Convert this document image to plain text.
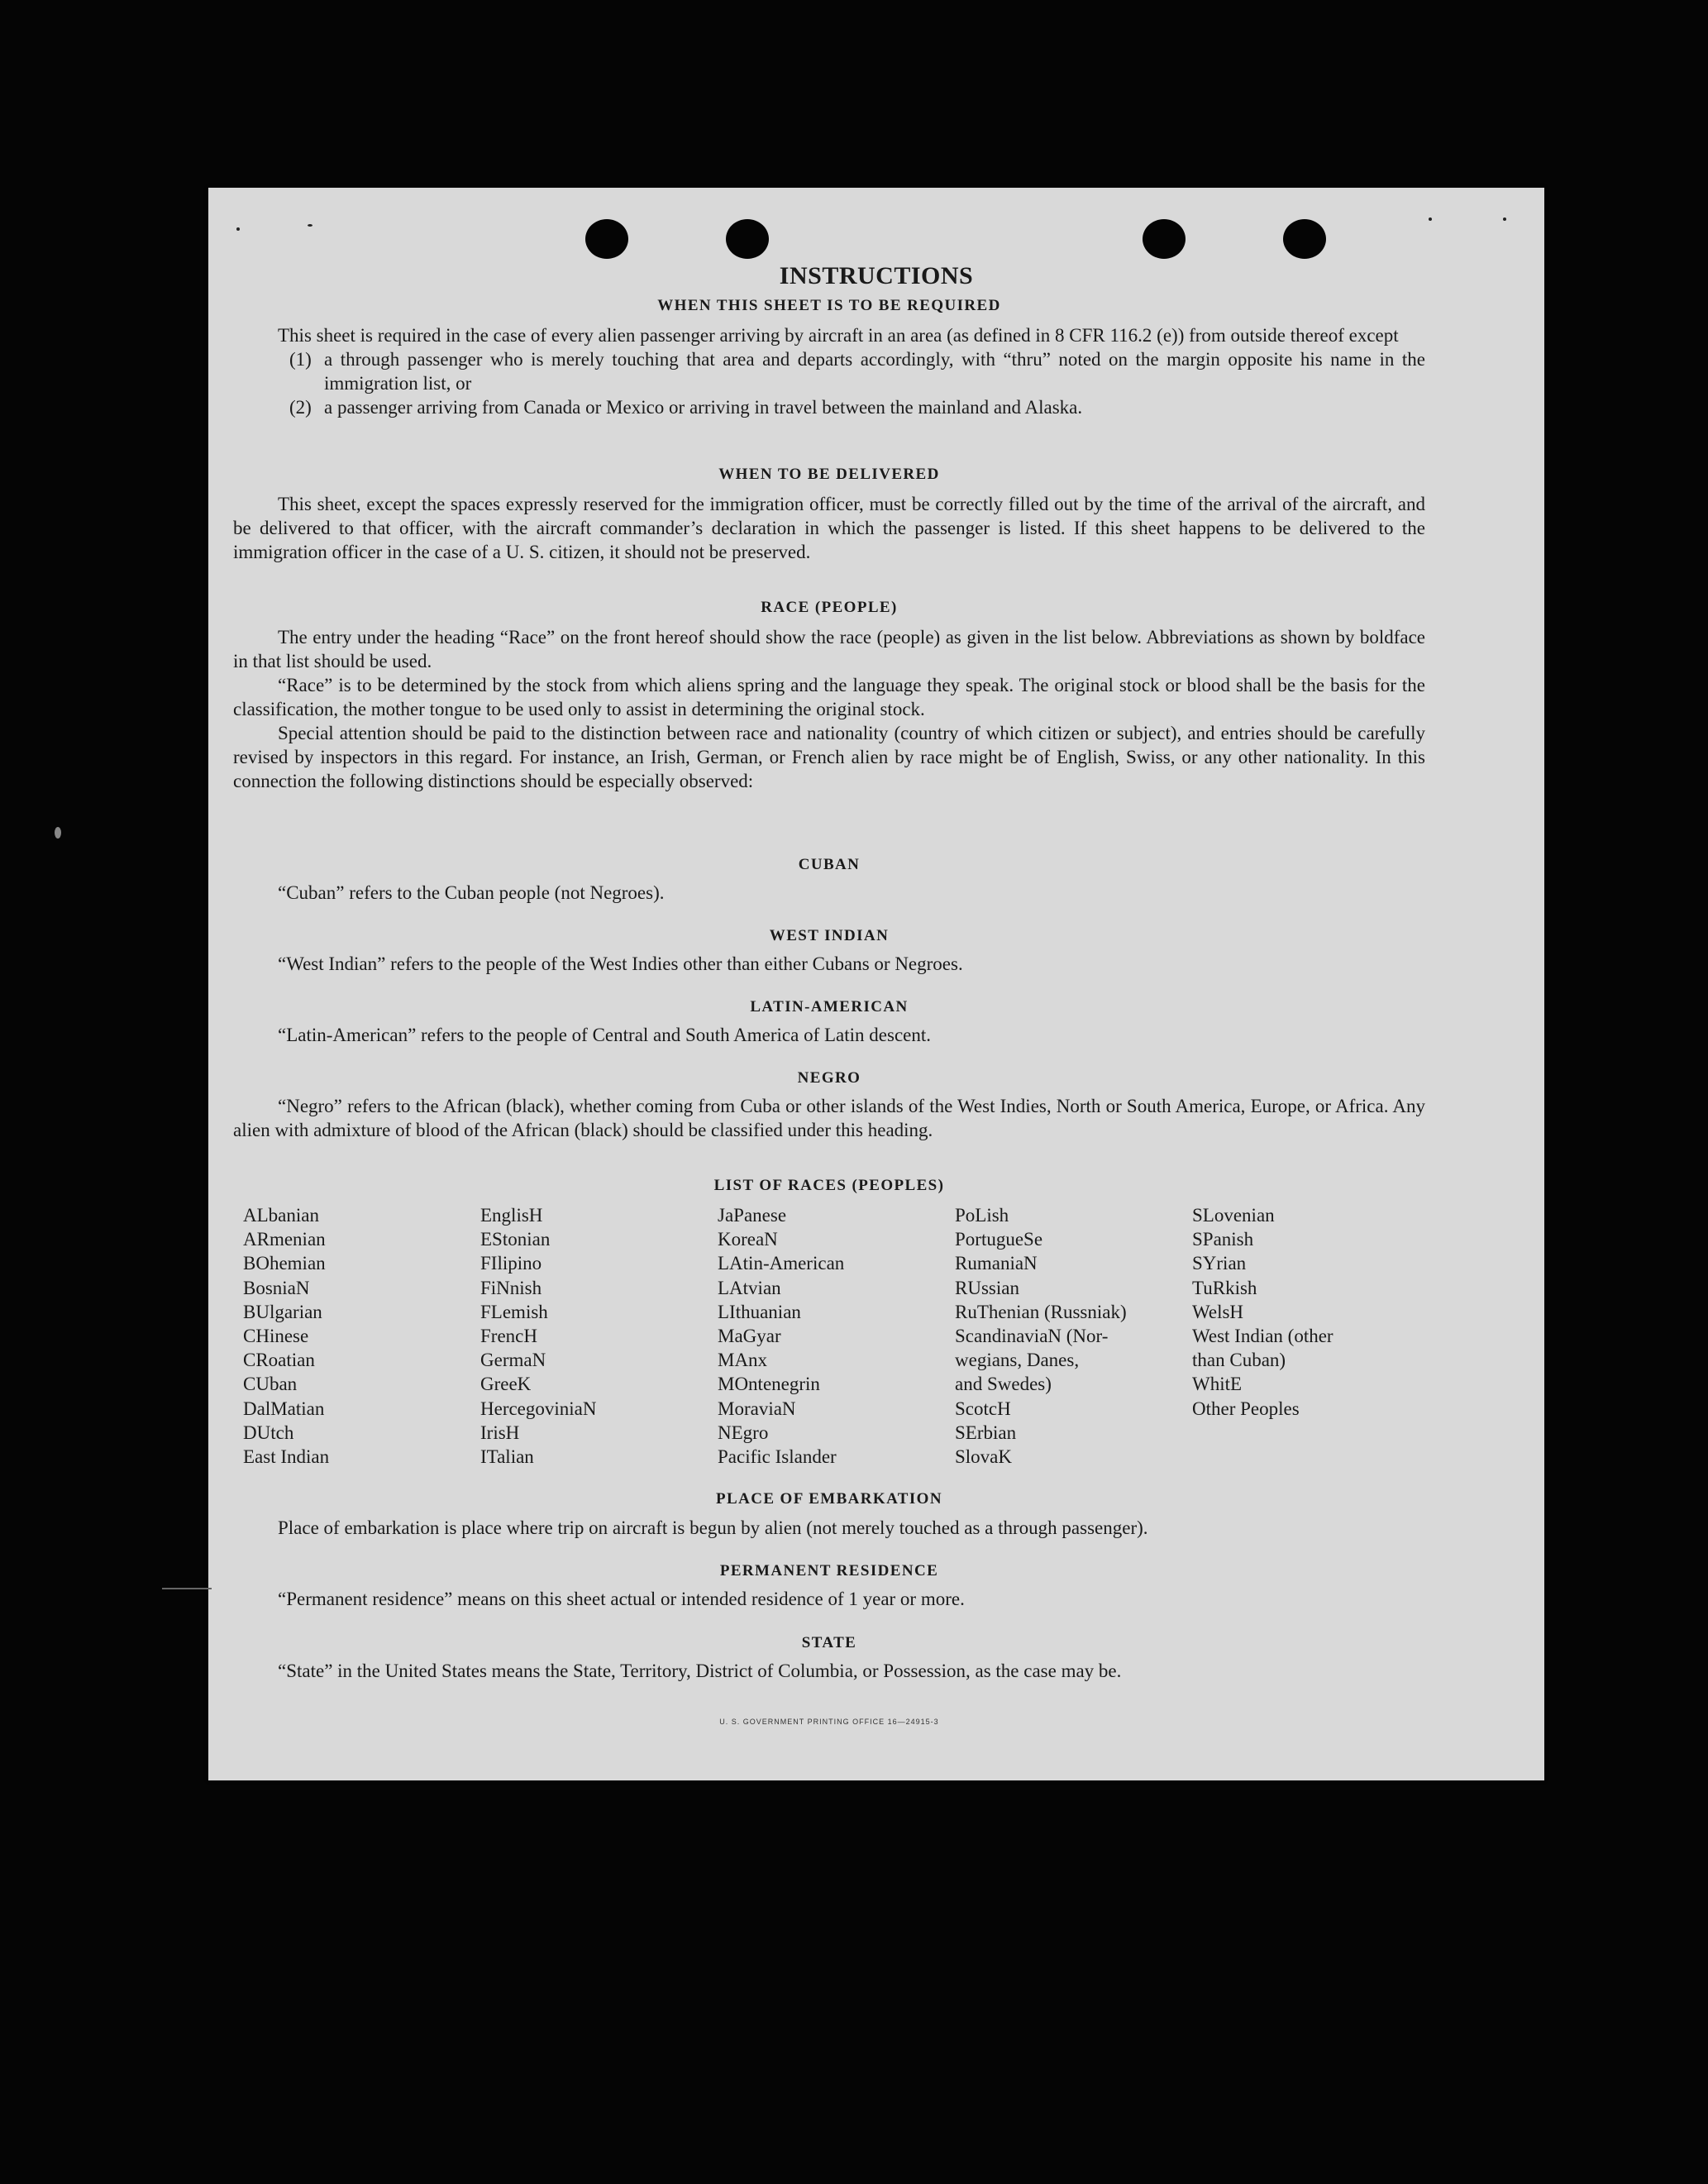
INSTRUCTIONS
WHEN THIS SHEET IS TO BE REQUIRED

This sheet is required in the case of every alien passenger arriving by aircraft in an area (as defined in 8 CFR 116.2 (e)) from outside thereof except

(1) a through passenger who is merely touching that area and departs accordingly, with “thru” noted on the margin opposite his name in the immigration list, or
(2) a passenger arriving from Canada or Mexico or arriving in travel between the mainland and Alaska.
WHEN TO BE DELIVERED

This sheet, except the spaces expressly reserved for the immigration officer, must be correctly filled out by the time of the arrival of the aircraft, and be delivered to that officer, with the aircraft commander’s declaration in which the passenger is listed. If this sheet happens to be delivered to the immigration officer in the case of a U. S. citizen, it should not be preserved.

RACE (PEOPLE)

The entry under the heading “Race” on the front hereof should show the race (people) as given in the list below. Abbreviations as shown by boldface in that list should be used.

“Race” is to be determined by the stock from which aliens spring and the language they speak. The original stock or blood shall be the basis for the classification, the mother tongue to be used only to assist in determining the original stock.

Special attention should be paid to the distinction between race and nationality (country of which citizen or subject), and entries should be carefully revised by inspectors in this regard. For instance, an Irish, German, or French alien by race might be of English, Swiss, or any other nationality. In this connection the following distinctions should be especially observed:

CUBAN

“Cuban” refers to the Cuban people (not Negroes).

WEST INDIAN

“West Indian” refers to the people of the West Indies other than either Cubans or Negroes.

LATIN-AMERICAN

“Latin-American” refers to the people of Central and South America of Latin descent.

NEGRO

“Negro” refers to the African (black), whether coming from Cuba or other islands of the West Indies, North or South America, Europe, or Africa. Any alien with admixture of blood of the African (black) should be classified under this heading.

LIST OF RACES (PEOPLES)
ALbanian
ARmenian
BOhemian
BosniaN
BUlgarian
CHinese
CRoatian
CUban
DalMatian
DUtch
East Indian
EnglisH
EStonian
FIlipino
FiNnish
FLemish
FrencH
GermaN
GreeK
HercegoviniaN
IrisH
ITalian
JaPanese
KoreaN
LAtin-American
LAtvian
LIthuanian
MaGyar
MAnx
MOntenegrin
MoraviaN
NEgro
Pacific Islander
PoLish
PortugueSe
RumaniaN
RUssian
RuThenian (Russniak)
ScandinaviaN (Nor-
wegians, Danes,
and Swedes)
ScotcH
SErbian
SlovaK
SLovenian
SPanish
SYrian
TuRkish
WelsH
West Indian (other
than Cuban)
WhitE
Other Peoples
PLACE OF EMBARKATION

Place of embarkation is place where trip on aircraft is begun by alien (not merely touched as a through passenger).

PERMANENT RESIDENCE

“Permanent residence” means on this sheet actual or intended residence of 1 year or more.

STATE

“State” in the United States means the State, Territory, District of Columbia, or Possession, as the case may be.

U. S. GOVERNMENT PRINTING OFFICE 16—24915-3
